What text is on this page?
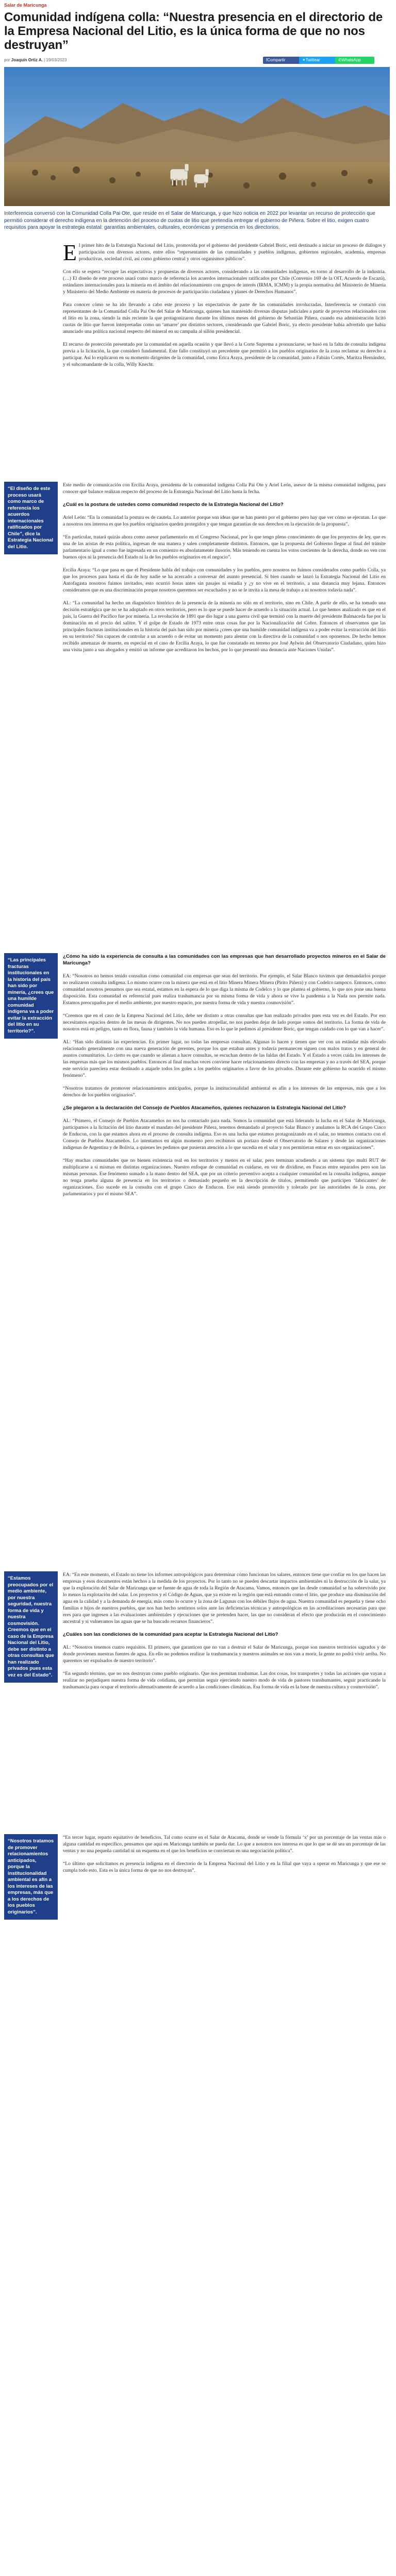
Salar de Maricunga
Comunidad indígena colla: “Nuestra presencia en el directorio de la Empresa Nacional del Litio, es la única forma de que no nos destruyan”
por Joaquín Ortiz A. | 19/03/2023	fCompartir	✦Twittear	✆WhatsApp

Interferencia conversó con la Comunidad Colla Pai Ote, que reside en el Salar de Maricunga, y que hizo noticia en 2022 por levantar un recurso de protección que permitió considerar el derecho indígena en la detención del proceso de cuotas de litio que pretendía entregar el gobierno de Piñera. Sobre el litio, exigen cuatro requisitos para apoyar la estrategia estatal: garantías ambientales, culturales, económicas y presencia en los directorios.

El primer hito de la Estrategia Nacional del Litio, promovida por el gobierno del presidente Gabriel Boric, está destinado a iniciar un proceso de diálogos y participación con diversos actores, entre ellos “representantes de las comunidades y pueblos indígenas, gobiernos regionales, academia, empresas productivas, sociedad civil, así como gobierno central y otros organismos públicos”.

Con ello se espera “recoger las expectativas y propuestas de diversos actores, considerando a las comunidades indígenas, en torno al desarrollo de la industria. (…) El diseño de este proceso usará como marco de referencia los acuerdos internacionales ratificados por Chile (Convenio 169 de la OIT, Acuerdo de Escazú), estándares internacionales para la minería en el ámbito del relacionamiento con grupos de interés (IRMA, ICMM) y la propia normativa del Ministerio de Minería y Ministerio del Medio Ambiente en materia de procesos de participación ciudadana y planes de Derechos Humanos”.

Para conocer cómo se ha ido llevando a cabo este proceso y las expectativas de parte de las comunidades involucradas, Interferencia se contactó con representantes de la Comunidad Colla Pai Ote del Salar de Maricunga, quienes han mantenido diversas disputas judiciales a partir de proyectos relacionados con el litio en la zona, siendo la más reciente la que protagonizaron durante los últimos meses del gobierno de Sebastián Piñera, cuando esa administración licitó cuotas de litio que fueron interpretadas como un ‘amarre’ por distintos sectores, considerando que Gabriel Boric, ya electo presidente había advertido que había anunciado una política nacional respecto del mineral en su campaña al sillón presidencial.

El recurso de protección presentado por la comunidad en aquella ocasión y que llevó a la Corte Suprema a pronunciarse, se basó en la falta de consulta indígena previa a la licitación, la que consideró fundamental. Este fallo constituyó un precedente que permitió a los pueblos originarios de la zona reclamar su derecho a participar. Así lo explicaron en su momento dirigentes de la comunidad, como Erica Araya, presidente de la comunidad, junto a Fabián Cortés, Maritza Hernández, y el subcomandante de la colla, Willy Knecht.

“El diseño de este proceso usará como marco de referencia los acuerdos internacionales ratificados por Chile”, dice la Estrategia Nacional del Litio.

Este medio de comunicación con Ercilia Araya, presidenta de la comunidad indígena Colla Pai Ote y Ariel León, asesor de la misma comunidad indígena, para conocer qué balance realizan respecto del proceso de la Estrategia Nacional del Litio hasta la fecha.

¿Cuál es la postura de ustedes como comunidad respecto de la Estrategia Nacional del Litio?

Ariel León: “En la comunidad la postura es de cautela. Lo anterior porque son ideas que se han puesto por el gobierno pero hay que ver cómo se ejecutan. Lo que a nosotros nos interesa es que los pueblos originarios queden protegidos y que tengan garantías de sus derechos en la ejecución de la propuesta”.

“En particular, tratará quizás ahora como asesor parlamentario en el Congreso Nacional, por lo que tengo pleno conocimiento de que los proyectos de ley, que es una de las aristas de esta política, ingresan de una manera y salen completamente distintos. Entonces, que la propuesta del Gobierno llegue al final del trámite parlamentario igual a como fue ingresada en un comienzo es absolutamente ilusorio. Más teniendo en cuenta los votos crecientes de la derecha, donde no ven con buenos ojos ni la presencia del Estado ni la de los pueblos originarios en el negocio”.

Ercilia Araya: “Lo que pasa es que el Presidente habla del trabajo con comunidades y los pueblos, pero nosotros no fuimos considerados como pueblo Colla, ya que los procesos para hasta el día de hoy nadie se ha acercado a conversar del asunto presencial. Sí bien cuando se lanzó la Estrategia Nacional del Litio en Antofagasta nosotros fuimos invitados, esto ocurrió horas antes sin pasajes ni estadía y ¿y no vive en el territorio, a una distancia muy lejana. Entonces consideramos que es una discriminación porque nosotros queremos ser escuchados y no se le invita a la mesa de trabajo a ni nosotros todavía nada”.

AL: “La comunidad ha hecho un diagnóstico histórico de la presencia de la minería no sólo en el territorio, sino en Chile. A partir de ello, se ha tomado una decisión estratégica que no se ha adoptado en otros territorios, pero es lo que se puede hacer de acuerdo a la situación actual. Lo que hemos analizado es que en el país, la Guerra del Pacífico fue por minería. La revolución de 1891 que dio lugar a una guerra civil que terminó con la muerte del presidente Balmaceda fue por la dominación en el precio del salitre. Y el golpe de Estado de 1973 entre otras cosas fue por la Nacionalización del Cobre. Entonces el observamos que las principales fracturas institucionales en la historia del país han sido por minería ¿crees que una humilde comunidad indígena va a poder evitar la extracción del litio en su territorio? Sin capaces de controlar a un acuerdo o de evitar un momento para alentar con la directiva de la comunidad o nos oponemos. De hecho hemos recibido amenazas de muerte, en especial en el caso de Ercilia Araya, lo que fue constatado en terreno por José Aylwin del Observatorio Ciudadano, quien hizo una visita junto a sus abogados y emitió un informe que acreditaron los hechos, por lo que presentó una denuncia ante Naciones Unidas”.

“Las principales fracturas institucionales en la historia del país han sido por minería, ¿crees que una humilde comunidad indígena va a poder evitar la extracción del litio en su territorio?”.

¿Cómo ha sido la experiencia de consulta a las comunidades con las empresas que han desarrollado proyectos mineros en el Salar de Maricunga?

EA: “Nosotros no hemos tenido consultas como comunidad con empresas que sean del territorio. Por ejemplo, el Salar Blanco tuvimos que demandarlos porque no realizaron consulta indígena. Lo mismo ocurre con la minera que está en el litio Minera Minera Minera (Pirito Piñera) y con Codelco tampoco. Entonces, como comunidad nosotros pensamos que sea estatal, estamos en la espera de lo que diga la misma de Codelco y lo que plantea el gobierno, lo que nos pone una buena disposición. Esta comunidad es referencial pues realiza trashumancia por su misma forma de vida y ahora se vive la pandemia a la Nada nos permite nada. Estamos preocupados por el medio ambiente, por nuestro espacio, por nuestra forma de vida y nuestra cosmovisión”.

“Creemos que en el caso de la Empresa Nacional del Litio, debe ser distinto a otras consultas que han realizado privados pues esta vez es del Estado. Por eso necesitamos espacios dentro de las mesas de dirigentes. No nos pueden atropellar, no nos pueden dejar de lado porque somos del territorio. La forma de vida de nosotros está en peligro, tanto en flora, fauna y también la vida humana. Eso es lo que le pedimos al presidente Boric, que tengan cuidado con lo que van a hacer”.

AL: “Han sido distintas las experiencias. En primer lugar, no todas las empresas consultan. Algunas lo hacen y tienen que ver con un estándar más elevado relacionado generalmente con una nueva generación de gerentes, porque los que estaban antes y todavía permanecen siguen con malos tratos y en general de asustos comunitarios. Lo cierto es que cuando se alienan a hacer consultas, se escuchan dentro de las faldas del Estado. Y el Estado a veces cuida los intereses de las empresas más que los mismos pueblos. Entonces al final muchas veces conviene hacer relacionamiento directo con las empresas y no a través del SEA, porque este servicio pareciera estar destinado a atajarle todos los goles a los pueblos originarios a favor de los privados. Durante este gobierno ha ocurrido el mismo fenómeno”.

“Nosotros tratamos de promover relacionamientos anticipados, porque la institucionalidad ambiental es afín a los intereses de las empresas, más que a los derechos de los pueblos originarios”.

¿Se plegaron a la declaración del Consejo de Pueblos Atacameños, quienes rechazaron la Estrategia Nacional del Litio?

AL: “Primero, el Consejo de Pueblos Atacameños no nos ha contactado para nada. Somos la comunidad que está liderando la lucha en el Salar de Maricunga, participamos a la licitación del litio durante el mandato del presidente Piñera, tenemos demandado al proyecto Salar Blanco y anulamos la RCA del Grupo Cinco de Enducon, con la que estamos ahora en el proceso de consulta indígena. Eso es una lucha que estamos protagonizando en el salar, no tenemos contacto con el Consejo de Pueblos Atacameños. Lo intentamos en algún momento pero recibimos un portazo desde el Observatorio de Salares y desde las organizaciones indígenas de Argentina y de Bolivia, a quienes les pedimos que pusieran atención a lo que sucedía en el salar y nos permitieran entrar en sus organizaciones”.

“Hay muchas comunidades que no bienen existencia real en los territorios y menos en el salar, pero terminan acudiendo a un sistema tipo multi RUT de multiplicarse a sí mismas en distintas organizaciones. Nuestro enfoque de comunidad es cuidarse, en vez de dividirse, en Fuscas entre separados pero son las mismas personas. Ese fenómeno sumado a la mano dentro del SEA, que por un criterio preventivo acepta a cualquier comunidad en la consulta indígena, aunque no tenga prueba alguna de presencia en los territorios o demasiado pequeño en la descripción de títulos, permitiendo que participen ‘fabricantes’ de organizaciones. Eso sucede en la consulta con el grupo Cinco de Enducon. Eso está siendo promovido y tolerado por las autoridades de la zona, por parlamentarios y por el mismo SEA”.

“Estamos preocupados por el medio ambiente, por nuestra seguridad, nuestra forma de vida y nuestra cosmovisión. Creemos que en el caso de la Empresa Nacional del Litio, debe ser distinto a otras consultas que han realizado privados pues esta vez es del Estado”.

EA: “En este momento, el Estado no tiene los informes antropológicos para determinar cómo funcionan los salares, entonces tiene que confiar en los que hacen las empresas y esos documentos están hechos a la medida de los proyectos. Por lo tanto no se pueden descartar impactos ambientales ni la destrucción de la salar, ya que la explotación del Salar de Maricunga que se fuente de agua de toda la Región de Atacama. Vamos, entonces que las desde comunidad se ha sobrevivido por lo menos la explotación del salar. Los proyectos y el Código de Aguas, que ya existe en la región que está entrando como el litio, que produce una disminución del agua en la calidad y a la demanda de energía, más como lo ocurre y la zona de Lagunas con los débiles flujos de agua. Nuestra comunidad es pequeña y tiene ocho familias e hijos de nuestros pueblos, que nos han hecho sentirnos solos ante las deficiencias técnicas y antropológicas en las acreditaciones necesarias para que eres para que ingresen a las evaluaciones ambientales y ejecuciones que se pretenden hacer, las que no consideran el efecto que producirán en el conocimiento ancestral y si vulneramos las aguas que se ha buscado recursos financieros”.

¿Cuáles son las condiciones de la comunidad para aceptar la Estrategia Nacional del Litio?

AL: “Nosotros tenemos cuatro requisitos. El primero, que garanticen que no van a destruir el Salar de Maricunga, porque son nuestros territorios sagrados y de donde provienen nuestras fuentes de agua. En ello no podemos realizar la trashumancia y nuestros animales se nos van a morir, la gente no podrá vivir arriba. No queremos ser expulsados de nuestro territorio”.

“En segundo término, que no nos destruyan como pueblo originario. Que nos permitan trashumar. Las dos cosas, los transportes y todas las acciones que vayan a realizar no perjudiquen nuestra forma de vida cotidiana, que permitan seguir ejerciendo nuestro modo de vida de pastores transhumantes, seguir practicando la trashumancia para ocupar el territorio alternativamente de acuerdo a las condiciones climáticas. Esa forma de vida es la base de nuestra cultura y cosmovisión”.

“Nosotros tratamos de promover relacionamientos anticipados, porque la institucionalidad ambiental es afín a los intereses de las empresas, más que a los derechos de los pueblos originarios”.

“En tercer lugar, reparto equitativo de beneficios. Tal como ocurre en el Salar de Atacama, donde se vende la fórmula ‘x’ por un porcentaje de las ventas más o alguna cantidad en específico, pensamos que aquí en Maricunga también se pueda dar. Lo que a nosotros nos interesa es que lo que se dé sea un porcentaje de las ventas y no una pequeña cantidad ni un esquema en el que los beneficios se conviertan en una negociación política”.

“Lo último que solicitamos es presencia indígena en el directorio de la Empresa Nacional del Litio y en la filial que vaya a operar en Maricunga y que ese se cumpla todo esto. Esta es la única forma de que no nos destruyan”.
